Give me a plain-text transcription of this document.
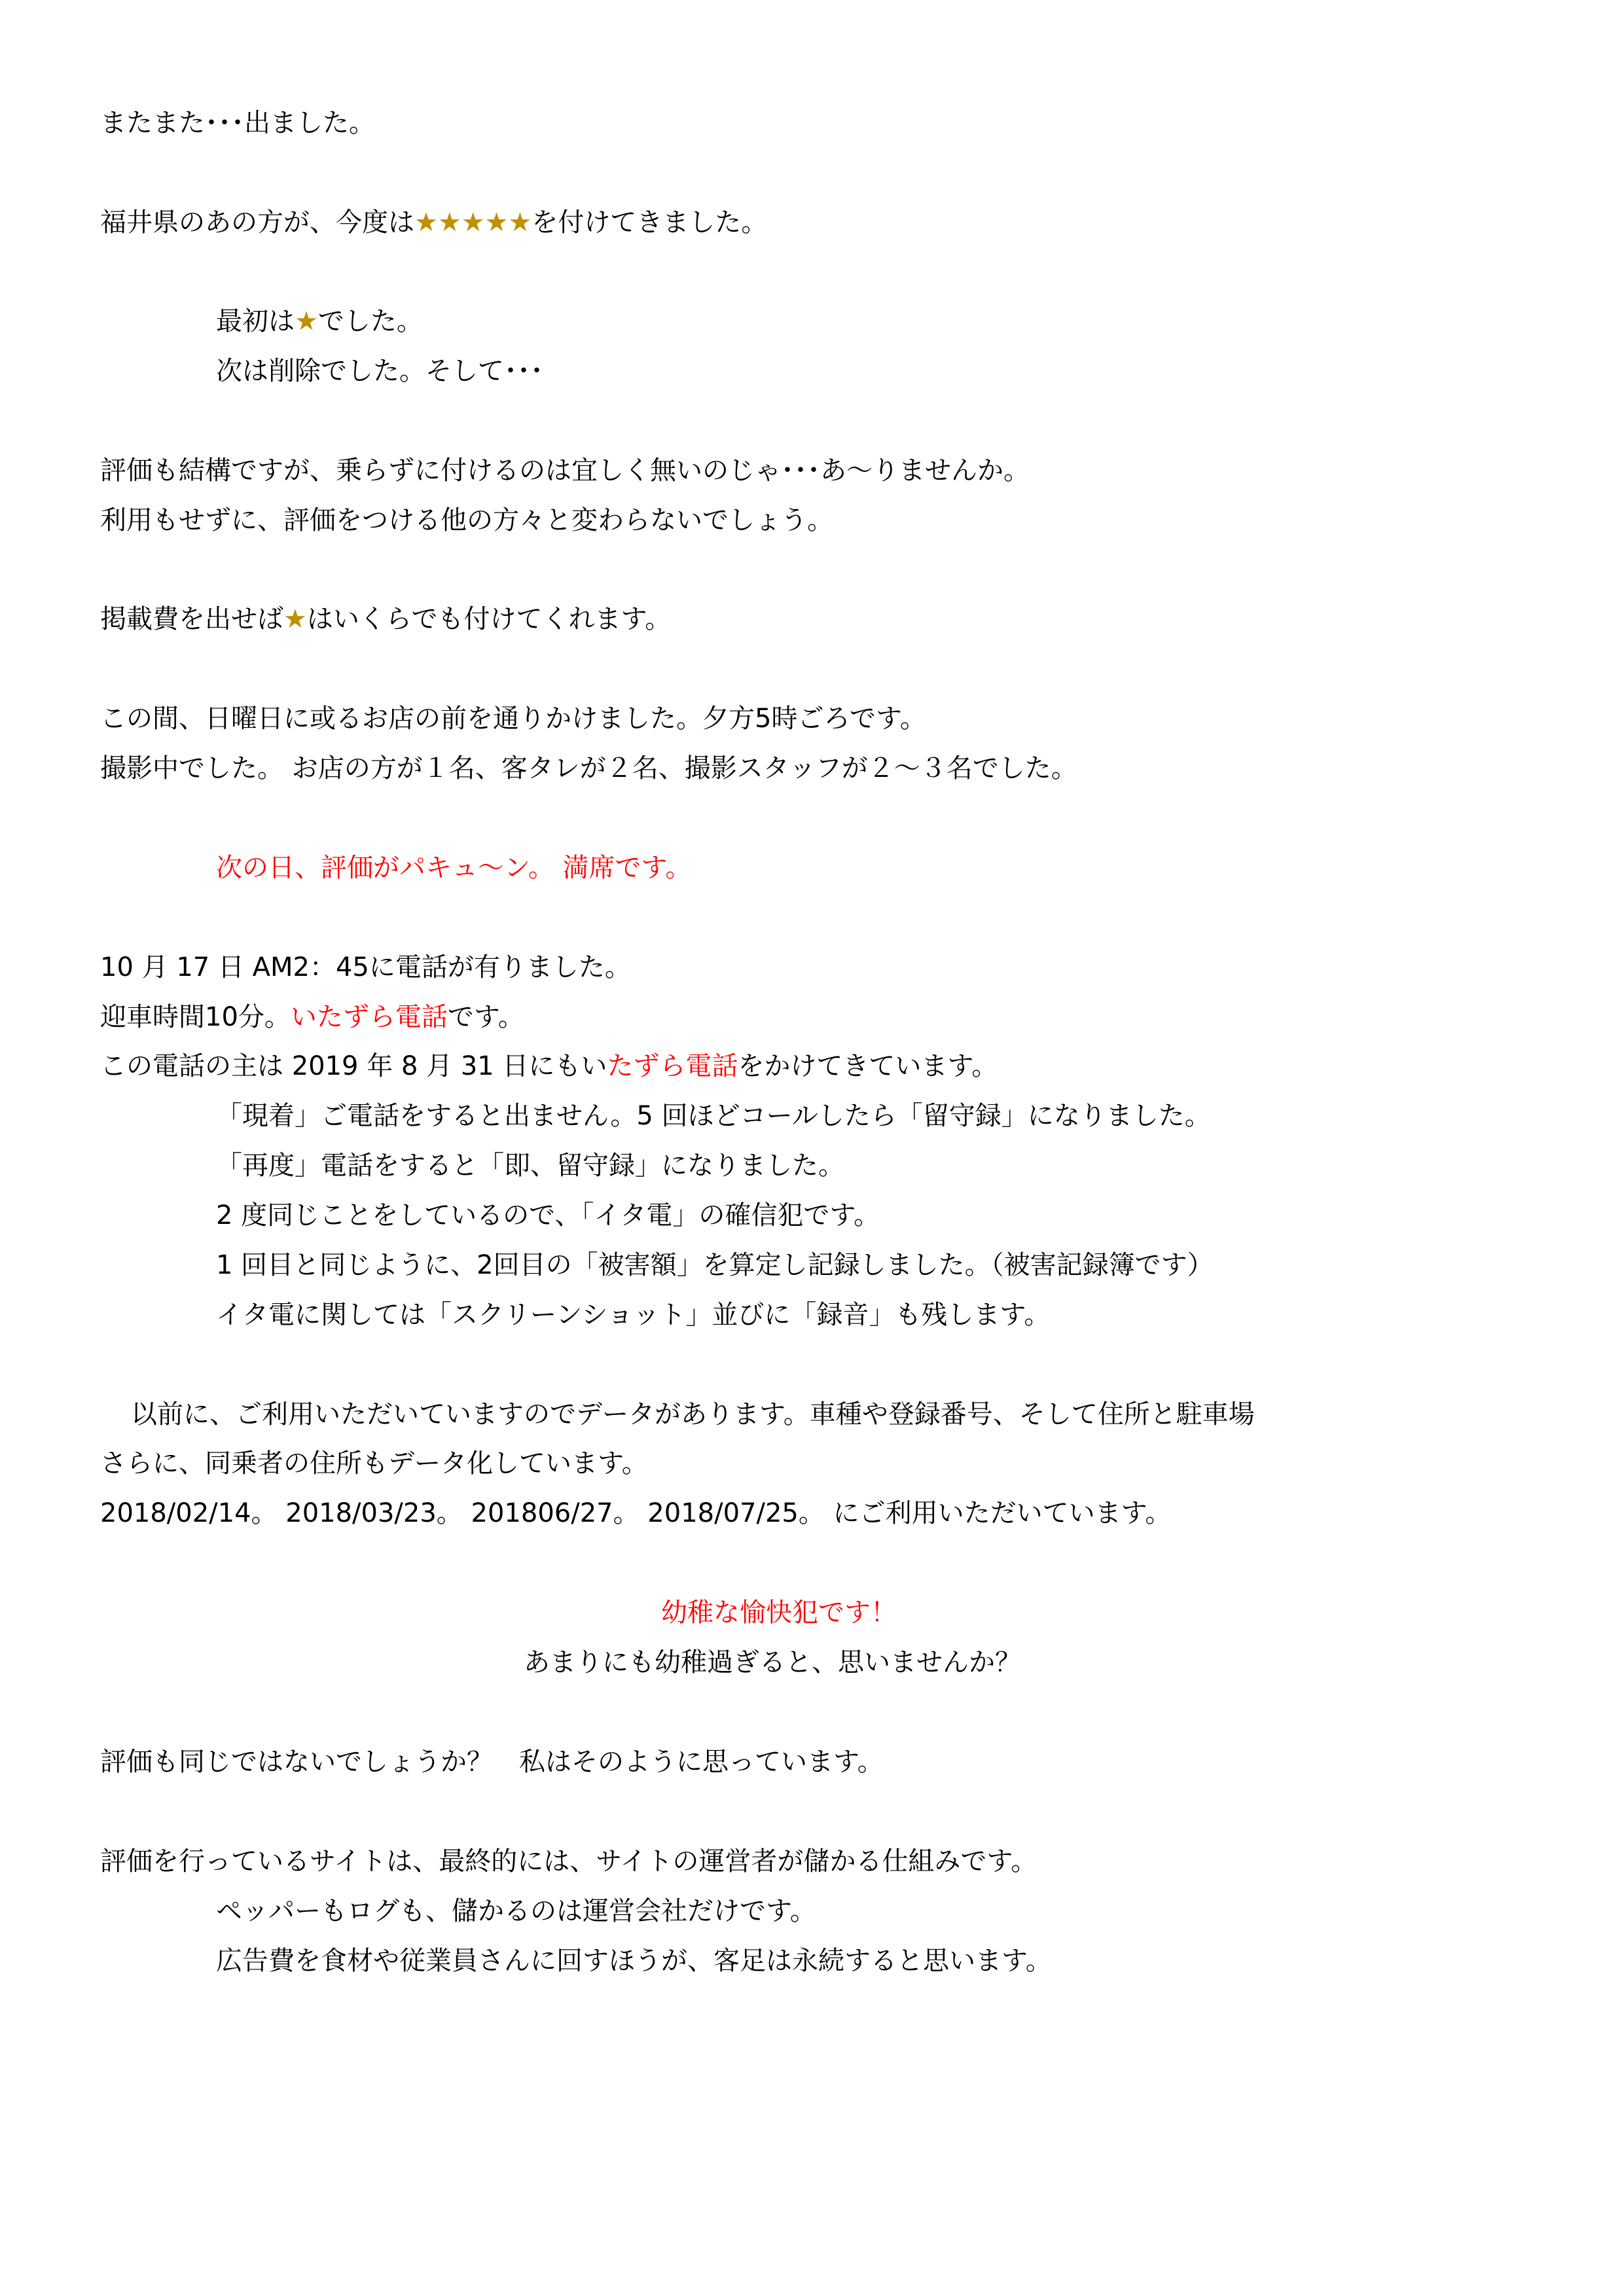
またまた･･･出ました。
福井県のあの方が、今度は★★★★★を付けてきました。
最初は★でした。
次は削除でした。そして･･･
評価も結構ですが、乗らずに付けるのは宜しく無いのじゃ･･･あ～りませんか。
利用もせずに、評価をつける他の方々と変わらないでしょう。
掲載費を出せば★はいくらでも付けてくれます。
この間、日曜日に或るお店の前を通りかけました。夕方5時ごろです。
撮影中でした。 お店の方が１名、客タレが２名、撮影スタッフが２～３名でした。
次の日、評価がパキュ～ン。 満席です。
10 月 17 日 AM2：45に電話が有りました。
迎車時間10分。いたずら電話です。
この電話の主は 2019 年 8 月 31 日にもいたずら電話をかけてきています。
「現着」ご電話をすると出ません。5 回ほどコールしたら「留守録」になりました。
「再度」電話をすると「即、留守録」になりました。
2 度同じことをしているので、「イタ電」の確信犯です。
1 回目と同じように、2回目の「被害額」を算定し記録しました。（被害記録簿です）
イタ電に関しては「スクリーンショット」並びに「録音」も残します。
以前に、ご利用いただいていますのでデータがあります。車種や登録番号、そして住所と駐車場
さらに、同乗者の住所もデータ化しています。
2018/02/14。 2018/03/23。 201806/27。 2018/07/25。 にご利用いただいています。
幼稚な愉快犯です！
あまりにも幼稚過ぎると、思いませんか？
評価も同じではないでしょうか？　私はそのように思っています。
評価を行っているサイトは、最終的には、サイトの運営者が儲かる仕組みです。
ペッパーもログも、儲かるのは運営会社だけです。
広告費を食材や従業員さんに回すほうが、客足は永続すると思います。
